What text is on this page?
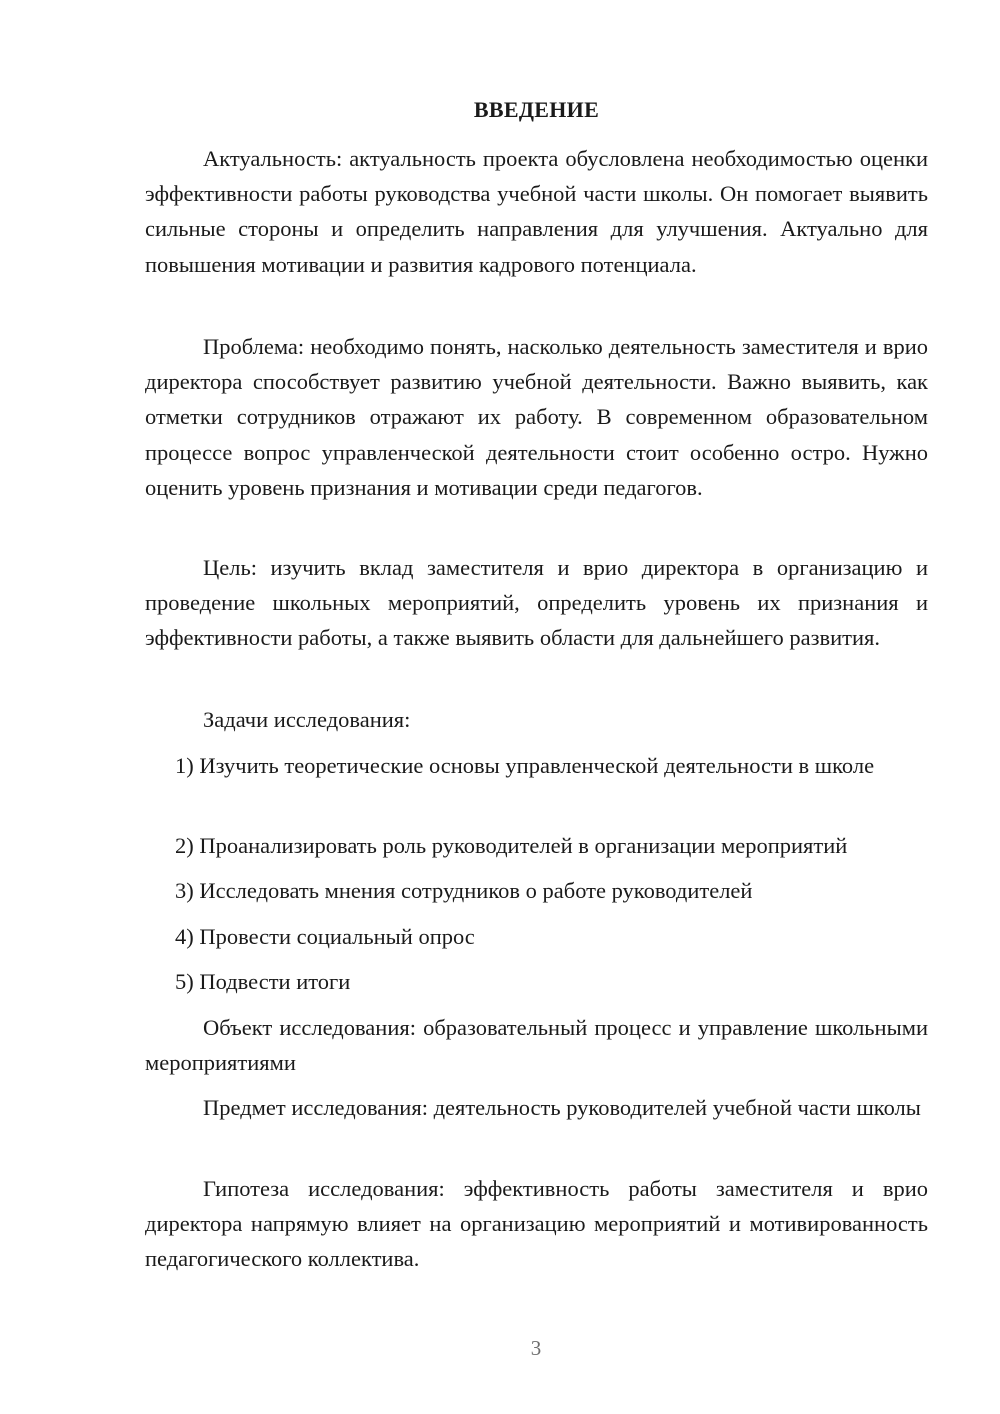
ВВЕДЕНИЕ

Актуальность: актуальность проекта обусловлена необходимостью оценки эффективности работы руководства учебной части школы. Он помогает выявить сильные стороны и определить направления для улучшения. Актуально для повышения мотивации и развития кадрового потенциала.

Проблема: необходимо понять, насколько деятельность заместителя и врио директора способствует развитию учебной деятельности. Важно выявить, как отметки сотрудников отражают их работу. В современном образовательном процессе вопрос управленческой деятельности стоит особенно остро. Нужно оценить уровень признания и мотивации среди педагогов.

Цель: изучить вклад заместителя и врио директора в организацию и проведение школьных мероприятий, определить уровень их признания и эффективности работы, а также выявить области для дальнейшего развития.

Задачи исследования:

1) Изучить теоретические основы управленческой деятельности в школе

2) Проанализировать роль руководителей в организации мероприятий

3) Исследовать мнения сотрудников о работе руководителей

4) Провести социальный опрос

5) Подвести итоги

Объект исследования: образовательный процесс и управление школьными мероприятиями

Предмет исследования: деятельность руководителей учебной части школы

Гипотеза исследования: эффективность работы заместителя и врио директора напрямую влияет на организацию мероприятий и мотивированность педагогического коллектива.

3
